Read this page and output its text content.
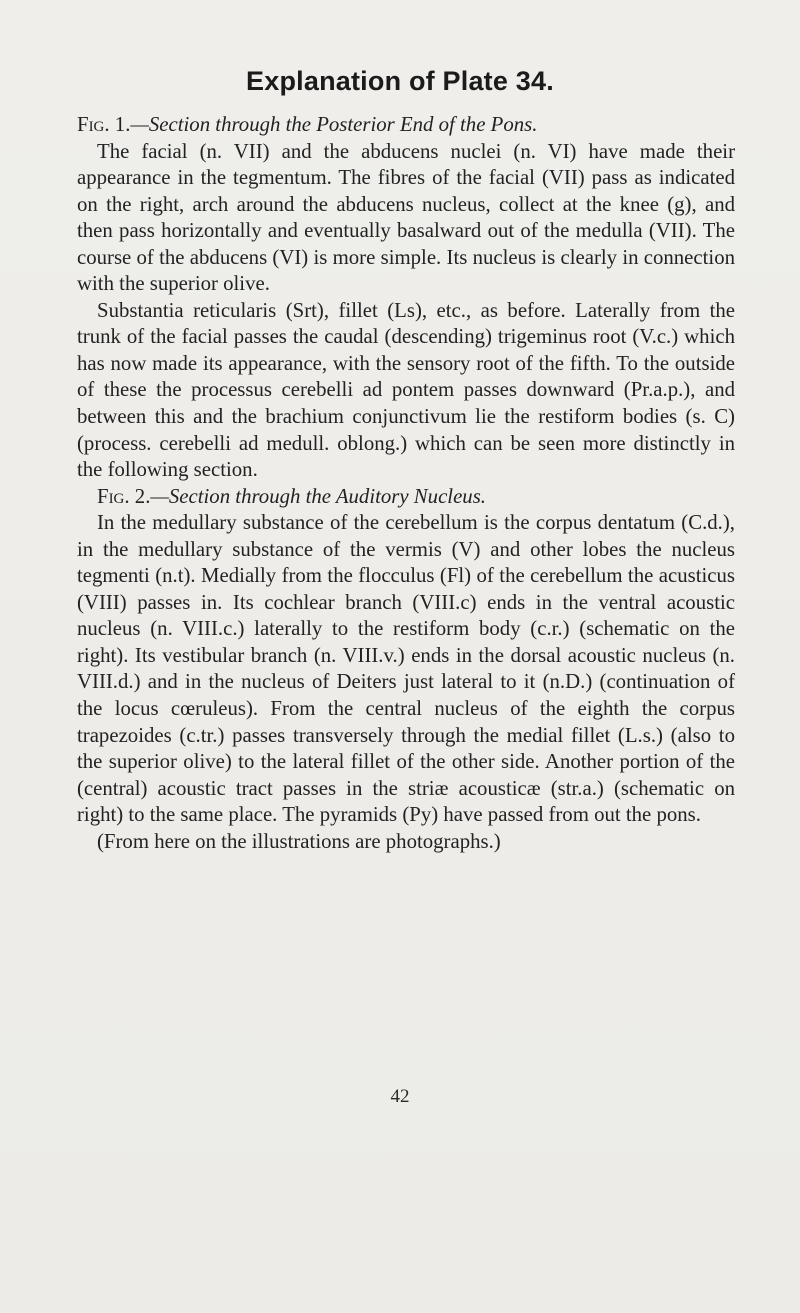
Explanation of Plate 34.

Fig. 1.—Section through the Posterior End of the Pons.

The facial (n. VII) and the abducens nuclei (n. VI) have made their appearance in the tegmentum. The fibres of the facial (VII) pass as indicated on the right, arch around the abducens nucleus, collect at the knee (g), and then pass horizontally and eventually basalward out of the medulla (VII). The course of the abducens (VI) is more simple. Its nucleus is clearly in connection with the superior olive.

Substantia reticularis (Srt), fillet (Ls), etc., as before. Laterally from the trunk of the facial passes the caudal (descending) trigeminus root (V.c.) which has now made its appearance, with the sensory root of the fifth. To the outside of these the processus cerebelli ad pontem passes downward (Pr.a.p.), and between this and the brachium conjunctivum lie the restiform bodies (s. C) (process. cerebelli ad medull. oblong.) which can be seen more distinctly in the following section.

Fig. 2.—Section through the Auditory Nucleus.

In the medullary substance of the cerebellum is the corpus dentatum (C.d.), in the medullary substance of the vermis (V) and other lobes the nucleus tegmenti (n.t). Medially from the flocculus (Fl) of the cerebellum the acusticus (VIII) passes in. Its cochlear branch (VIII.c) ends in the ventral acoustic nucleus (n. VIII.c.) laterally to the restiform body (c.r.) (schematic on the right). Its vestibular branch (n. VIII.v.) ends in the dorsal acoustic nucleus (n. VIII.d.) and in the nucleus of Deiters just lateral to it (n.D.) (continuation of the locus cœruleus). From the central nucleus of the eighth the corpus trapezoides (c.tr.) passes transversely through the medial fillet (L.s.) (also to the superior olive) to the lateral fillet of the other side. Another portion of the (central) acoustic tract passes in the striæ acousticæ (str.a.) (schematic on right) to the same place. The pyramids (Py) have passed from out the pons.

(From here on the illustrations are photographs.)

42
